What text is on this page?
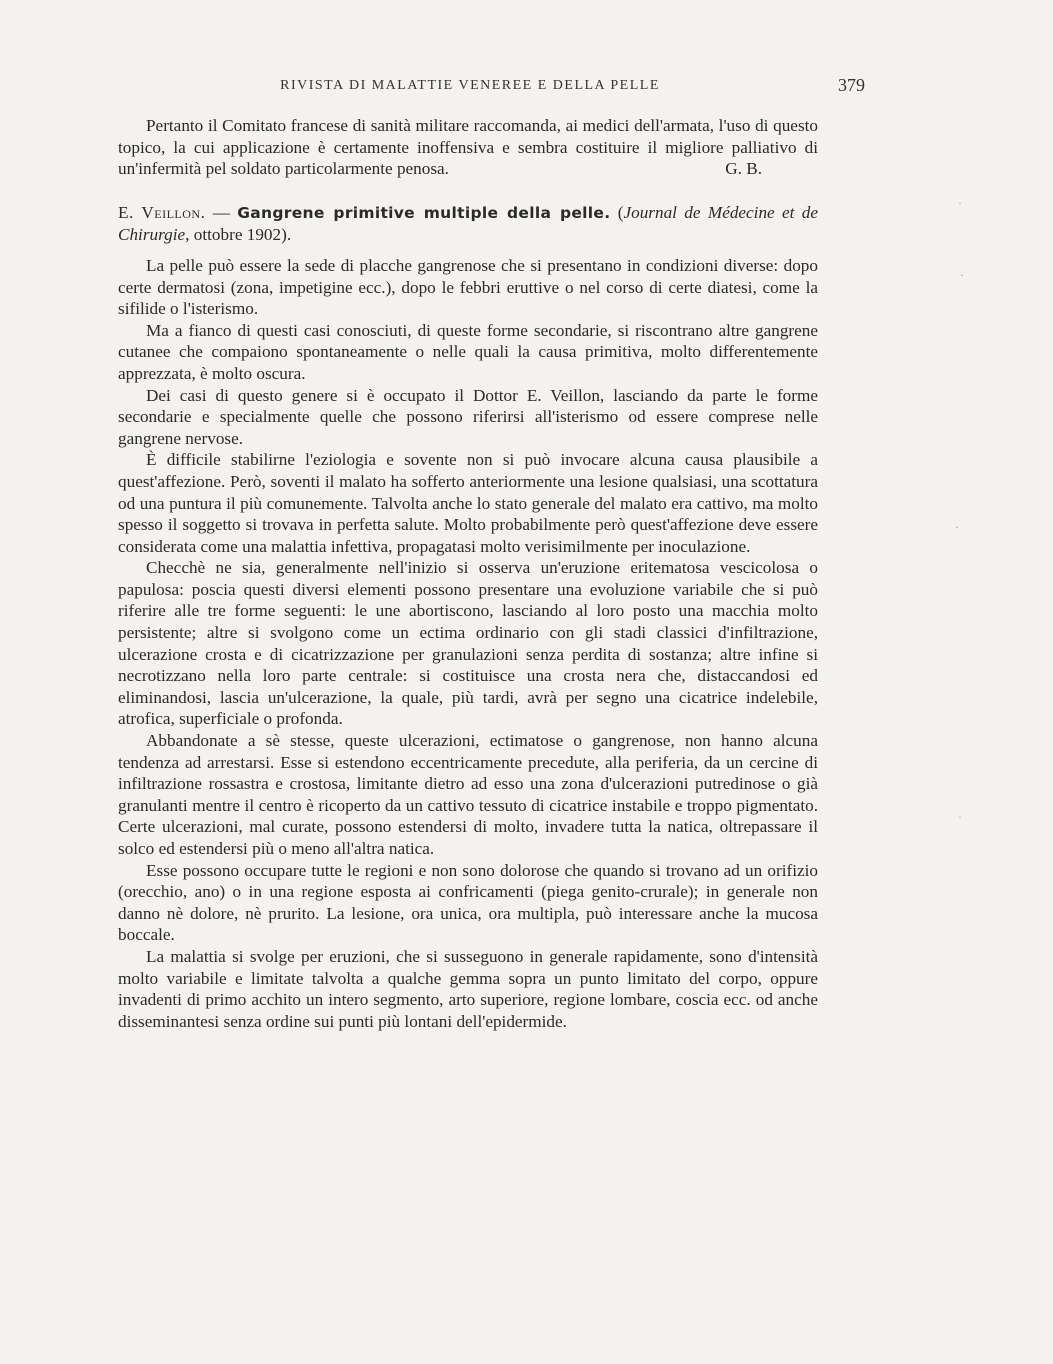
RIVISTA DI MALATTIE VENEREE E DELLA PELLE	379

Pertanto il Comitato francese di sanità militare raccomanda, ai medici dell'armata, l'uso di questo topico, la cui applicazione è certamente inoffensiva e sembra costituire il migliore palliativo di un'infermità pel soldato particolarmente penosa.	G. B.

E. Veillon. — Gangrene primitive multiple della pelle. (Journal de Médecine et de Chirurgie, ottobre 1902).

La pelle può essere la sede di placche gangrenose che si presentano in condizioni diverse: dopo certe dermatosi (zona, impetigine ecc.), dopo le febbri eruttive o nel corso di certe diatesi, come la sifilide o l'isterismo.

Ma a fianco di questi casi conosciuti, di queste forme secondarie, si riscontrano altre gangrene cutanee che compaiono spontaneamente o nelle quali la causa primitiva, molto differentemente apprezzata, è molto oscura.

Dei casi di questo genere si è occupato il Dottor E. Veillon, lasciando da parte le forme secondarie e specialmente quelle che possono riferirsi all'isterismo od essere comprese nelle gangrene nervose.

È difficile stabilirne l'eziologia e sovente non si può invocare alcuna causa plausibile a quest'affezione. Però, soventi il malato ha sofferto anteriormente una lesione qualsiasi, una scottatura od una puntura il più comunemente. Talvolta anche lo stato generale del malato era cattivo, ma molto spesso il soggetto si trovava in perfetta salute. Molto probabilmente però quest'affezione deve essere considerata come una malattia infettiva, propagatasi molto verisimilmente per inoculazione.

Checchè ne sia, generalmente nell'inizio si osserva un'eruzione eritematosa vescicolosa o papulosa: poscia questi diversi elementi possono presentare una evoluzione variabile che si può riferire alle tre forme seguenti: le une abortiscono, lasciando al loro posto una macchia molto persistente; altre si svolgono come un ectima ordinario con gli stadi classici d'infiltrazione, ulcerazione crosta e di cicatrizzazione per granulazioni senza perdita di sostanza; altre infine si necrotizzano nella loro parte centrale: si costituisce una crosta nera che, distaccandosi ed eliminandosi, lascia un'ulcerazione, la quale, più tardi, avrà per segno una cicatrice indelebile, atrofica, superficiale o profonda.

Abbandonate a sè stesse, queste ulcerazioni, ectimatose o gangrenose, non hanno alcuna tendenza ad arrestarsi. Esse si estendono eccentricamente precedute, alla periferia, da un cercine di infiltrazione rossastra e crostosa, limitante dietro ad esso una zona d'ulcerazioni putredinose o già granulanti mentre il centro è ricoperto da un cattivo tessuto di cicatrice instabile e troppo pigmentato. Certe ulcerazioni, mal curate, possono estendersi di molto, invadere tutta la natica, oltrepassare il solco ed estendersi più o meno all'altra natica.

Esse possono occupare tutte le regioni e non sono dolorose che quando si trovano ad un orifizio (orecchio, ano) o in una regione esposta ai confricamenti (piega genito-crurale); in generale non danno nè dolore, nè prurito. La lesione, ora unica, ora multipla, può interessare anche la mucosa boccale.

La malattia si svolge per eruzioni, che si susseguono in generale rapidamente, sono d'intensità molto variabile e limitate talvolta a qualche gemma sopra un punto limitato del corpo, oppure invadenti di primo acchito un intero segmento, arto superiore, regione lombare, coscia ecc. od anche disseminantesi senza ordine sui punti più lontani dell'epidermide.

·
·
·
·
